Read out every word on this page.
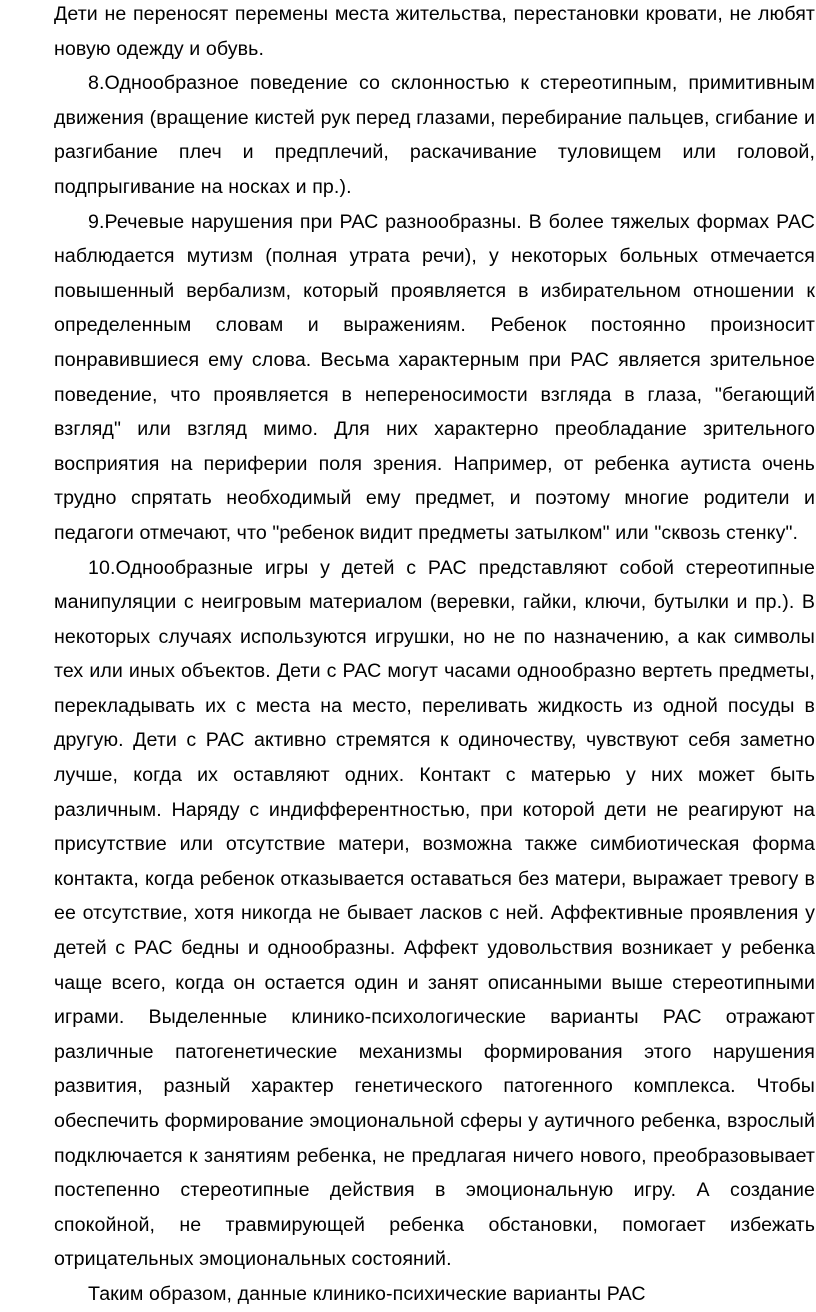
Дети не переносят перемены места жительства, перестановки кровати, не любят новую одежду и обувь.

8.Однообразное поведение со склонностью к стереотипным, примитивным движения (вращение кистей рук перед глазами, перебирание пальцев, сгибание и разгибание плеч и предплечий, раскачивание туловищем или головой, подпрыгивание на носках и пр.).

9.Речевые нарушения при РАС разнообразны. В более тяжелых формах РАС наблюдается мутизм (полная утрата речи), у некоторых больных отмечается повышенный вербализм, который проявляется в избирательном отношении к определенным словам и выражениям. Ребенок постоянно произносит понравившиеся ему слова. Весьма характерным при РАС является зрительное поведение, что проявляется в непереносимости взгляда в глаза, "бегающий взгляд" или взгляд мимо. Для них характерно преобладание зрительного восприятия на периферии поля зрения. Например, от ребенка аутиста очень трудно спрятать необходимый ему предмет, и поэтому многие родители и педагоги отмечают, что "ребенок видит предметы затылком" или "сквозь стенку".

10.Однообразные игры у детей с РАС представляют собой стереотипные манипуляции с неигровым материалом (веревки, гайки, ключи, бутылки и пр.). В некоторых случаях используются игрушки, но не по назначению, а как символы тех или иных объектов. Дети с РАС могут часами однообразно вертеть предметы, перекладывать их с места на место, переливать жидкость из одной посуды в другую. Дети с РАС активно стремятся к одиночеству, чувствуют себя заметно лучше, когда их оставляют одних. Контакт с матерью у них может быть различным. Наряду с индифферентностью, при которой дети не реагируют на присутствие или отсутствие матери, возможна также симбиотическая форма контакта, когда ребенок отказывается оставаться без матери, выражает тревогу в ее отсутствие, хотя никогда не бывает ласков с ней. Аффективные проявления у детей с РАС бедны и однообразны. Аффект удовольствия возникает у ребенка чаще всего, когда он остается один и занят описанными выше стереотипными играми. Выделенные клинико-психологические варианты РАС отражают различные патогенетические механизмы формирования этого нарушения развития, разный характер генетического патогенного комплекса. Чтобы обеспечить формирование эмоциональной сферы у аутичного ребенка, взрослый подключается к занятиям ребенка, не предлагая ничего нового, преобразовывает постепенно стереотипные действия в эмоциональную игру. А создание спокойной, не травмирующей ребенка обстановки, помогает избежать отрицательных эмоциональных состояний.

Таким образом, данные клинико-психические варианты РАС
